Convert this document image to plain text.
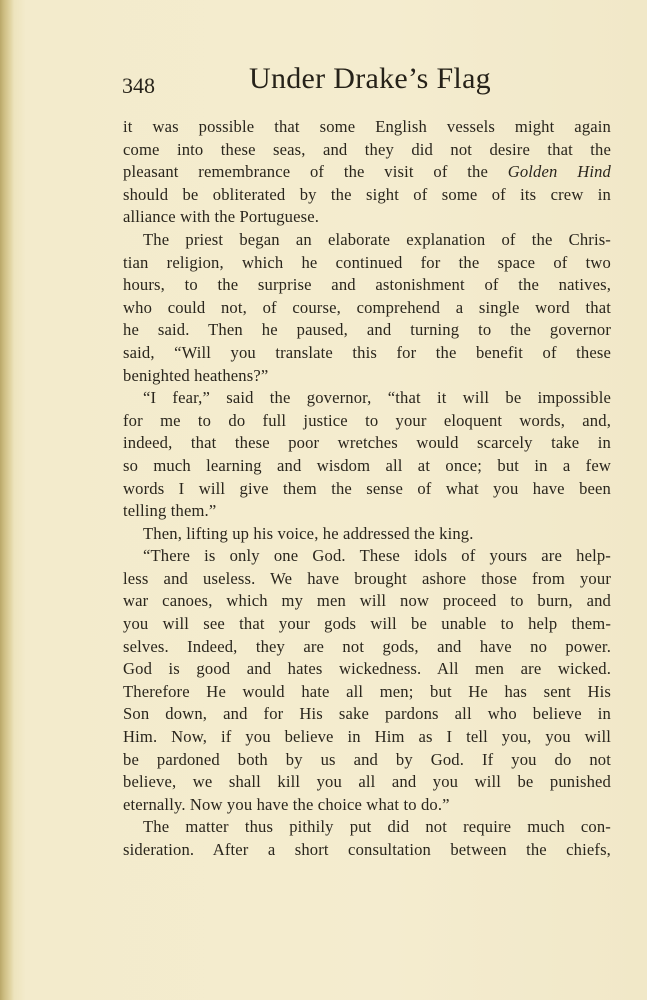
348	Under Drake’s Flag
it was possible that some English vessels might again
come into these seas, and they did not desire that the
pleasant remembrance of the visit of the Golden Hind
should be obliterated by the sight of some of its crew in
alliance with the Portuguese.
The priest began an elaborate explanation of the Chris-
tian religion, which he continued for the space of two
hours, to the surprise and astonishment of the natives,
who could not, of course, comprehend a single word that
he said. Then he paused, and turning to the governor
said, “Will you translate this for the benefit of these
benighted heathens?”
“I fear,” said the governor, “that it will be impossible
for me to do full justice to your eloquent words, and,
indeed, that these poor wretches would scarcely take in
so much learning and wisdom all at once; but in a few
words I will give them the sense of what you have been
telling them.”
Then, lifting up his voice, he addressed the king.
“There is only one God. These idols of yours are help-
less and useless. We have brought ashore those from your
war canoes, which my men will now proceed to burn, and
you will see that your gods will be unable to help them-
selves. Indeed, they are not gods, and have no power.
God is good and hates wickedness. All men are wicked.
Therefore He would hate all men; but He has sent His
Son down, and for His sake pardons all who believe in
Him. Now, if you believe in Him as I tell you, you will
be pardoned both by us and by God. If you do not
believe, we shall kill you all and you will be punished
eternally. Now you have the choice what to do.”
The matter thus pithily put did not require much con-
sideration. After a short consultation between the chiefs,
